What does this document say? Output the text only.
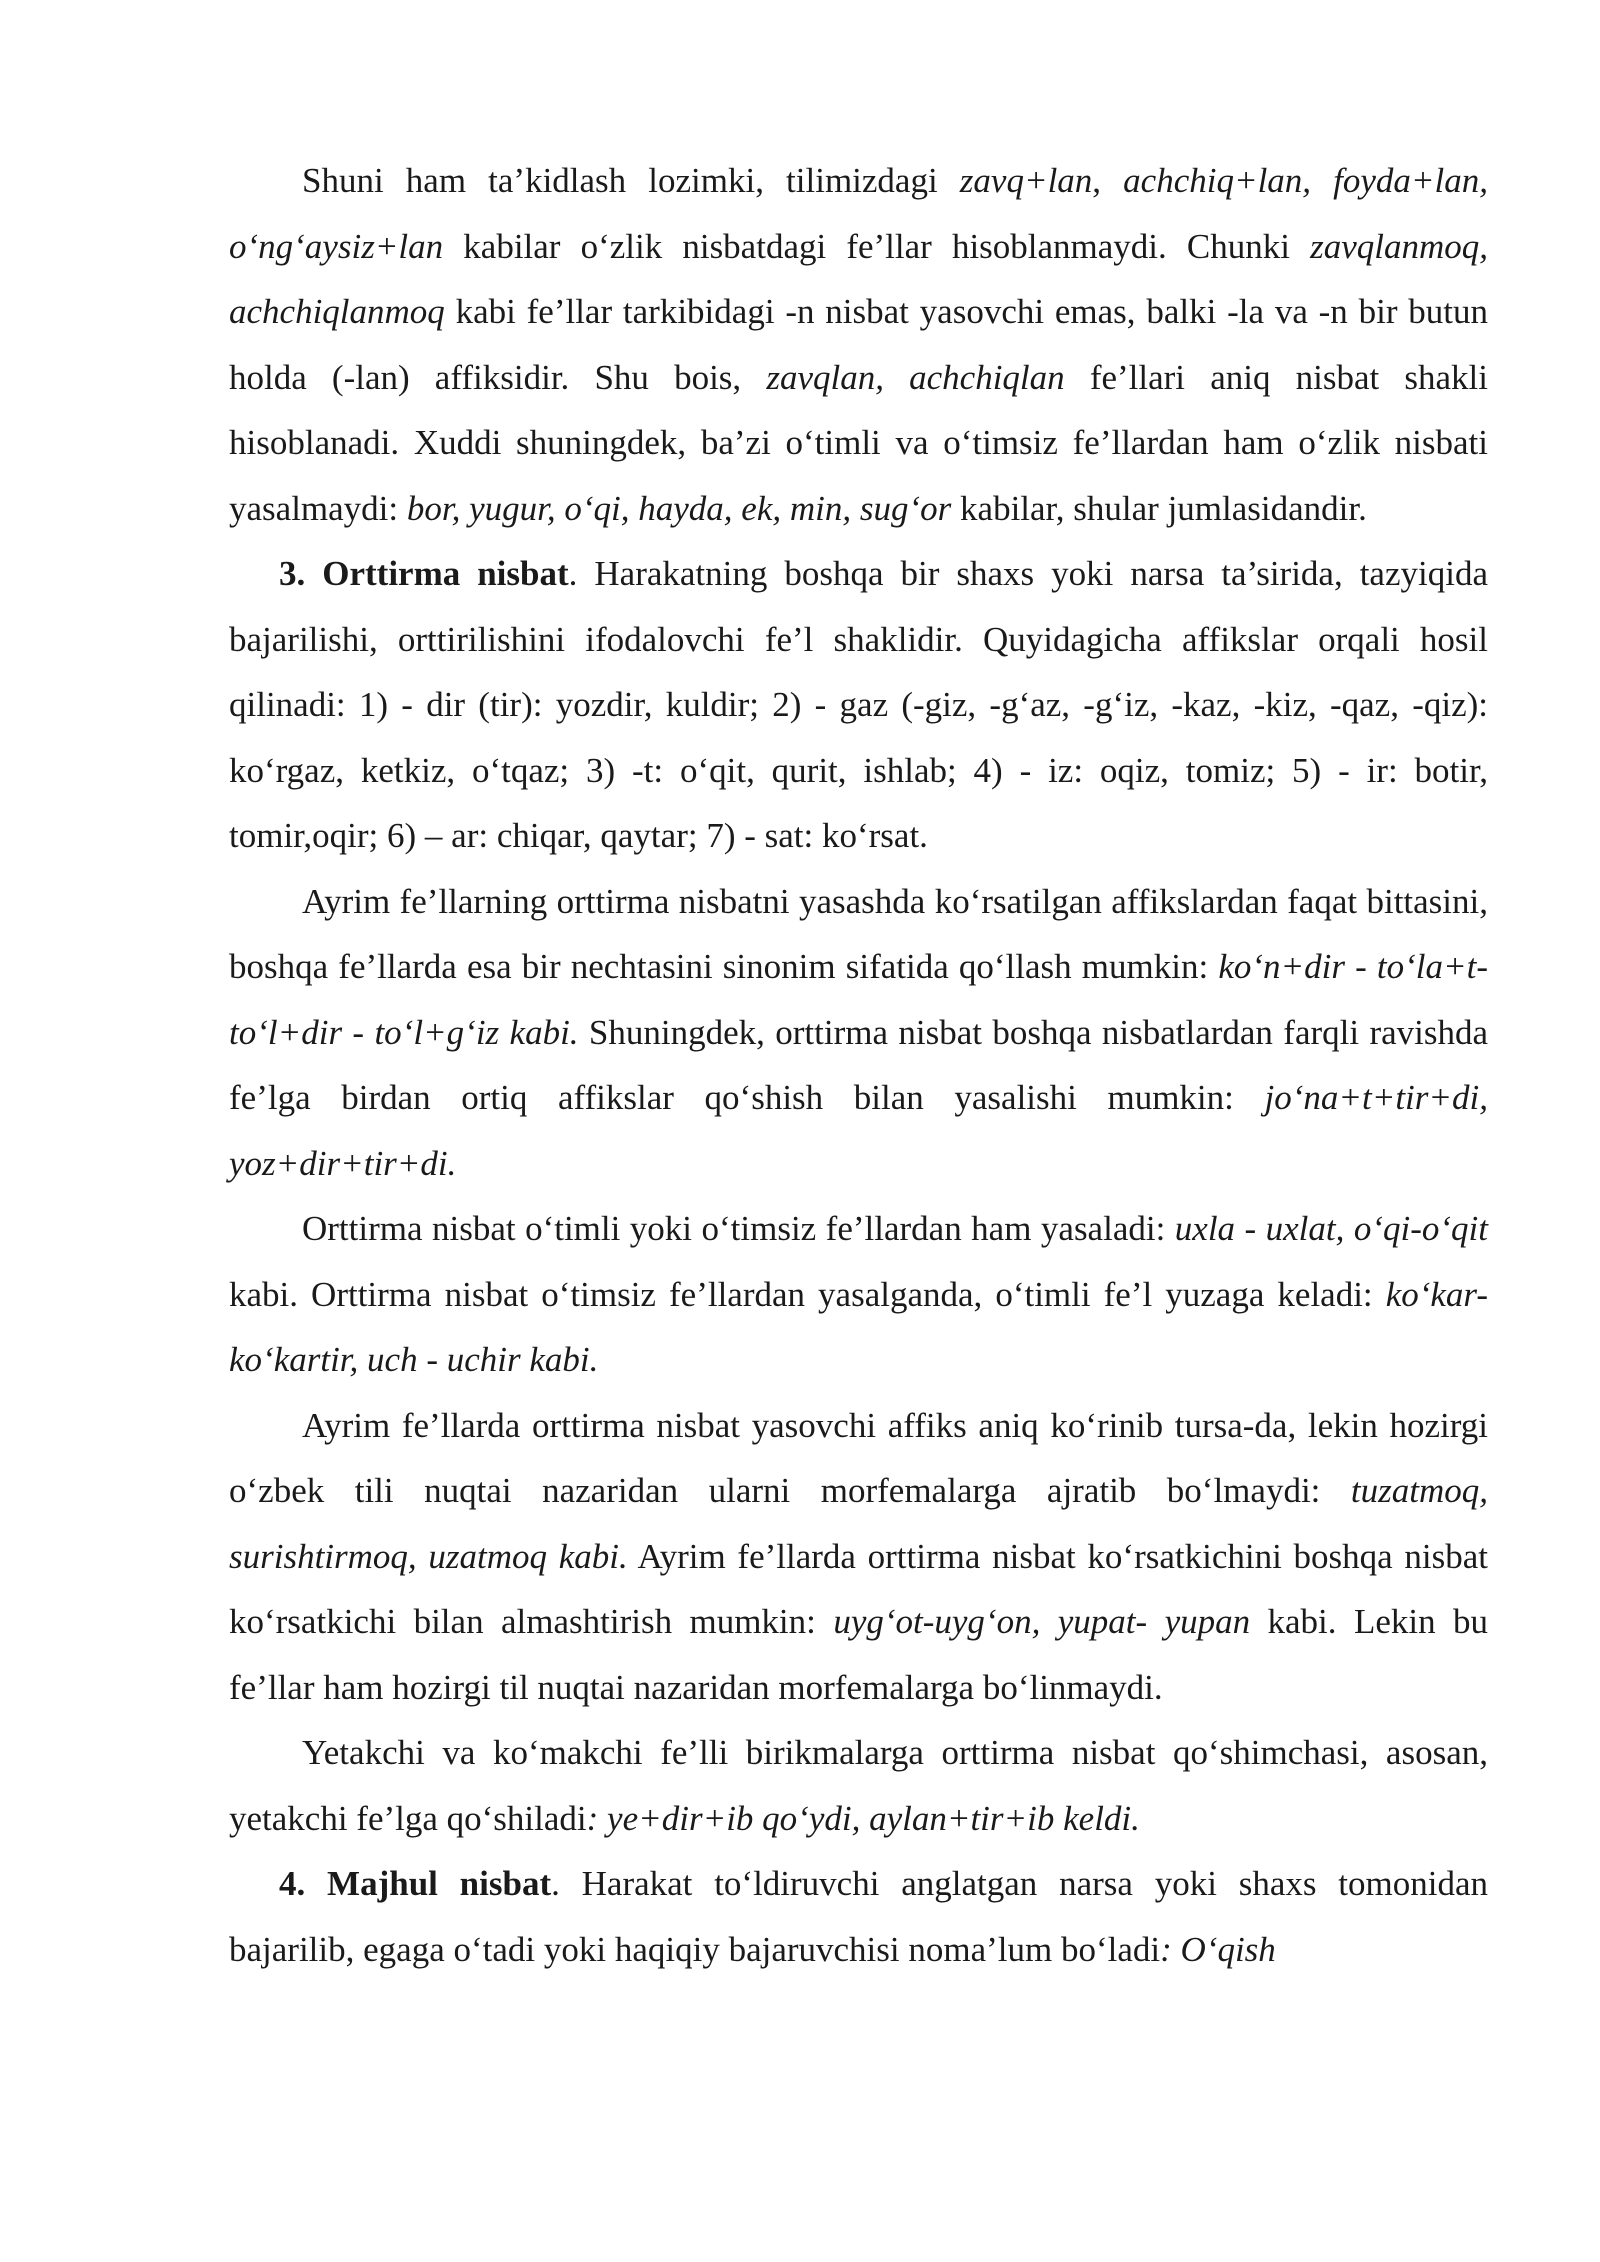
Shuni ham ta’kidlash lozimki, tilimizdagi zavq+lan, achchiq+lan, foyda+lan, o‘ng‘aysiz+lan kabilar o‘zlik nisbatdagi fe’llar hisoblanmaydi. Chunki zavqlanmoq, achchiqlanmoq kabi fe’llar tarkibidagi -n nisbat yasovchi emas, balki -la va -n bir butun holda (-lan) affiksidir. Shu bois, zavqlan, achchiqlan fe’llari aniq nisbat shakli hisoblanadi. Xuddi shuningdek, ba’zi o‘timli va o‘timsiz fe’llardan ham o‘zlik nisbati yasalmaydi: bor, yugur, o‘qi, hayda, ek, min, sug‘or kabilar, shular jumlasidandir.

3. Orttirma nisbat. Harakatning boshqa bir shaxs yoki narsa ta’sirida, tazyiqida bajarilishi, orttirilishini ifodalovchi fe’l shaklidir. Quyidagicha affikslar orqali hosil qilinadi: 1) - dir (tir): yozdir, kuldir; 2) - gaz (-giz, -g‘az, -g‘iz, -kaz, -kiz, -qaz, -qiz): ko‘rgaz, ketkiz, o‘tqaz; 3) -t: o‘qit, qurit, ishlab; 4) - iz: oqiz, tomiz; 5) - ir: botir, tomir,oqir; 6) – ar: chiqar, qaytar; 7) - sat: ko‘rsat.

Ayrim fe’llarning orttirma nisbatni yasashda ko‘rsatilgan affikslardan faqat bittasini, boshqa fe’llarda esa bir nechtasini sinonim sifatida qo‘llash mumkin: ko‘n+dir - to‘la+t-to‘l+dir - to‘l+g‘iz kabi. Shuningdek, orttirma nisbat boshqa nisbatlardan farqli ravishda fe’lga birdan ortiq affikslar qo‘shish bilan yasalishi mumkin: jo‘na+t+tir+di, yoz+dir+tir+di.

Orttirma nisbat o‘timli yoki o‘timsiz fe’llardan ham yasaladi: uxla - uxlat, o‘qi-o‘qit kabi. Orttirma nisbat o‘timsiz fe’llardan yasalganda, o‘timli fe’l yuzaga keladi: ko‘kar- ko‘kartir, uch - uchir kabi.

Ayrim fe’llarda orttirma nisbat yasovchi affiks aniq ko‘rinib tursa-da, lekin hozirgi o‘zbek tili nuqtai nazaridan ularni morfemalarga ajratib bo‘lmaydi: tuzatmoq, surishtirmoq, uzatmoq kabi. Ayrim fe’llarda orttirma nisbat ko‘rsatkichini boshqa nisbat ko‘rsatkichi bilan almashtirish mumkin: uyg‘ot-uyg‘on, yupat- yupan kabi. Lekin bu fe’llar ham hozirgi til nuqtai nazaridan morfemalarga bo‘linmaydi.

Yetakchi va ko‘makchi fe’lli birikmalarga orttirma nisbat qo‘shimchasi, asosan, yetakchi fe’lga qo‘shiladi: ye+dir+ib qo‘ydi, aylan+tir+ib keldi.

4. Majhul nisbat. Harakat to‘ldiruvchi anglatgan narsa yoki shaxs tomonidan bajarilib, egaga o‘tadi yoki haqiqiy bajaruvchisi noma’lum bo‘ladi: O‘qish
